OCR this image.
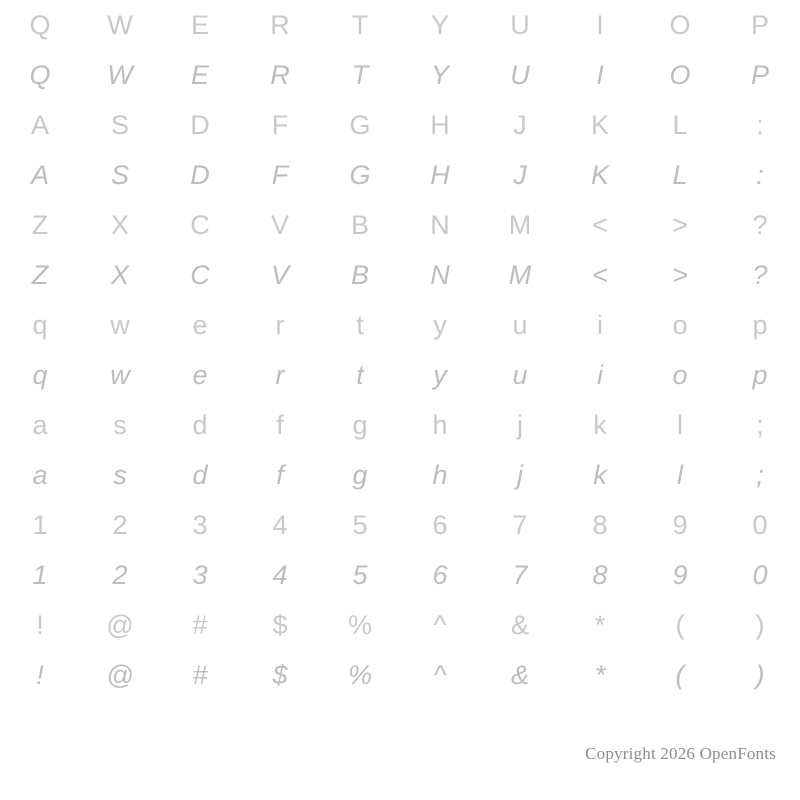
Q W E R T Y U I O P
Q W E R T Y U I O P
A S D F G H J K L	:
A S D F G H J K L	:
Z X C V B N M < > ?
Z X C V B N M < > ?
q w e	r	t	y u	i	o p
q w e	r	t	y u	i	o p
a s d	f	g h	j	k	l	;
a s d	f	g h	j	k	l	;
1 2 3 4 5 6 7 8 9 0
1 2 3 4 5 6 7 8 9 0
! @ # $ % ^ & *	(	)
! @ # $ % ^ & *	(	)
Copyright 2026 OpenFonts
